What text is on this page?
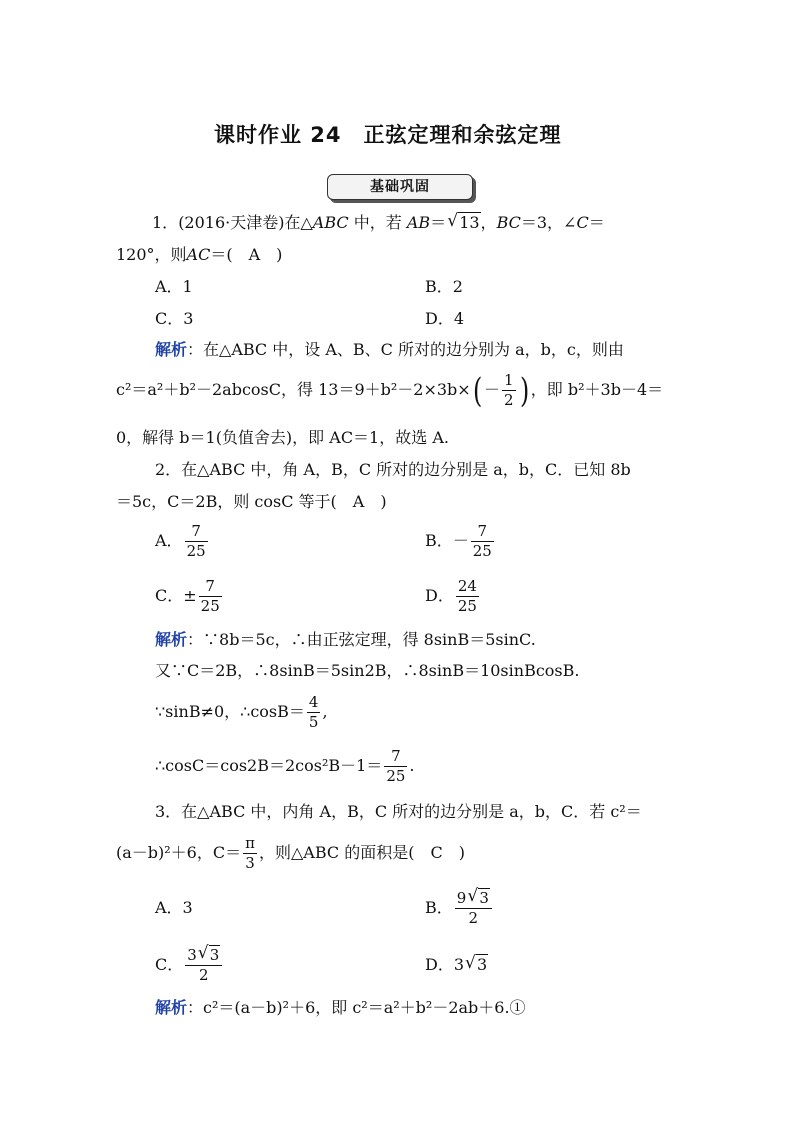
课时作业 24　正弦定理和余弦定理
基础巩固
1．(2016·天津卷)在△ABC 中，若 AB＝ √ 13，BC＝3，∠C＝
120°，则AC＝(　A　)
A．1	B．2
C．3	D．4
解析：在△ABC 中，设 A、B、C 所对的边分别为 a，b，c，则由
c²＝a²＋b²－2abcosC，得 $13=9+b^2-2\times 3b\times( - \frac{1}{2}$ ) ，即 b²＋3b－4＝
0，解得 b＝1(负值舍去)，即 AC＝1，故选 A.
2．在△ABC 中，角 A，B，C 所对的边分别是 a，b，C．已知 8b
＝5c，C＝2B，则 cosC 等于(　A　)
A． $\frac{7}{25}$	B．－ $\frac{7}{25}$
C．± $\frac{7}{25}$	D． $\frac{24}{25}$
解析：∵8b＝5c，∴由正弦定理，得 8sinB＝5sinC.
又∵C＝2B，∴8sinB＝5sin2B，∴8sinB＝10sinBcosB.
∵sinB≠0，∴cosB＝ $\frac{4}{5}$ ,
∴cosC＝cos2B＝2cos²B－1＝ $\frac{7}{25}$ .
3．在△ABC 中，内角 A，B，C 所对的边分别是 a，b，C．若 c²＝
(a－b)²＋6，$C= \frac{\pi}{3}$ ，则△ABC 的面积是(　C　)
A．3	B． $\frac{9 √ 3}{2}$
C． $\frac{3 √ 3}{2}$	D．3 √ 3
解析：c²＝(a－b)²＋6，即 c²＝a²＋b²－2ab＋6.①
